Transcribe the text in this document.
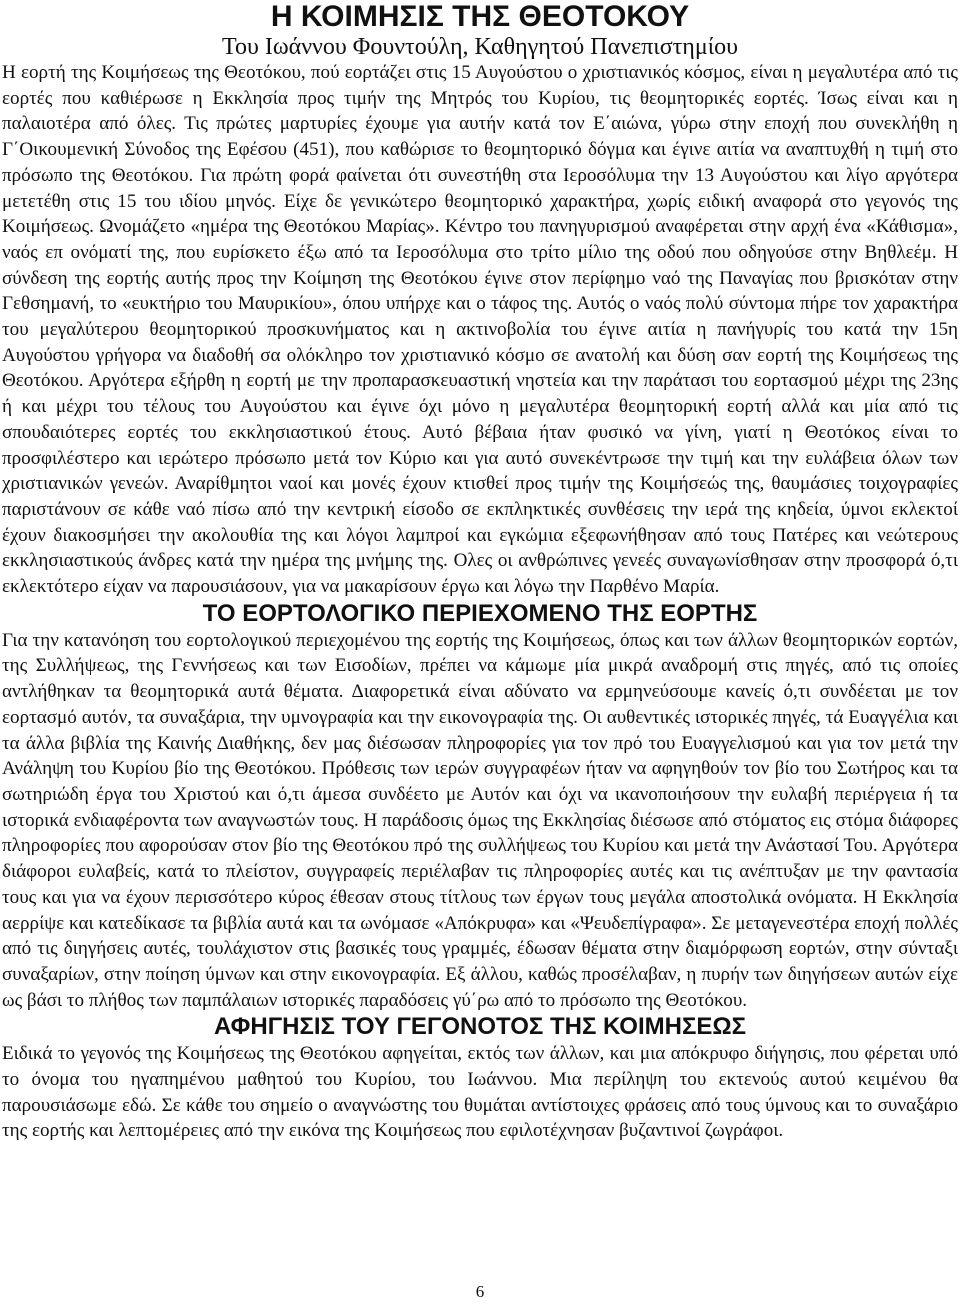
Η ΚΟΙΜΗΣΙΣ ΤΗΣ ΘΕΟΤΟΚΟΥ

Του Ιωάννου Φουντούλη, Καθηγητού Πανεπιστημίου

Η εορτή της Κοιμήσεως της Θεοτόκου, πού εορτάζει στις 15 Αυγούστου ο χριστιανικός κόσμος, είναι η μεγαλυτέρα από τις εορτές που καθιέρωσε η Εκκλησία προς τιμήν της Μητρός του Κυρίου, τις θεομητορικές εορτές. Ίσως είναι και η παλαιοτέρα από όλες. Τις πρώτες μαρτυρίες έχουμε για αυτήν κατά τον Ε΄αιώνα, γύρω στην εποχή που συνεκλήθη η Γ΄Οικουμενική Σύνοδος της Εφέσου (451), που καθώρισε το θεομητορικό δόγμα και έγινε αιτία να αναπτυχθή η τιμή στο πρόσωπο της Θεοτόκου. Για πρώτη φορά φαίνεται ότι συνεστήθη στα Ιεροσόλυμα την 13 Αυγούστου και λίγο αργότερα μετετέθη στις 15 του ιδίου μηνός. Είχε δε γενικώτερο θεομητορικό χαρακτήρα, χωρίς ειδική αναφορά στο γεγονός της Κοιμήσεως. Ωνομάζετο «ημέρα της Θεοτόκου Μαρίας». Κέντρο του πανηγυρισμού αναφέρεται στην αρχή ένα «Κάθισμα», ναός επ ονόματί της, που ευρίσκετο έξω από τα Ιεροσόλυμα στο τρίτο μίλιο της οδού που οδηγούσε στην Βηθλεέμ. Η σύνδεση της εορτής αυτής προς την Κοίμηση της Θεοτόκου έγινε στον περίφημο ναό της Παναγίας που βρισκόταν στην Γεθσημανή, το «ευκτήριο του Μαυρικίου», όπου υπήρχε και ο τάφος της. Αυτός ο ναός πολύ σύντομα πήρε τον χαρακτήρα του μεγαλύτερου θεομητορικού προσκυνήματος και η ακτινοβολία του έγινε αιτία η πανήγυρίς του κατά την 15η Αυγούστου γρήγορα να διαδοθή σα ολόκληρο τον χριστιανικό κόσμο σε ανατολή και δύση σαν εορτή της Κοιμήσεως της Θεοτόκου. Αργότερα εξήρθη η εορτή με την προπαρασκευαστική νηστεία και την παράτασι του εορτασμού μέχρι της 23ης ή και μέχρι του τέλους του Αυγούστου και έγινε όχι μόνο η μεγαλυτέρα θεομητορική εορτή αλλά και μία από τις σπουδαιότερες εορτές του εκκλησιαστικού έτους. Αυτό βέβαια ήταν φυσικό να γίνη, γιατί η Θεοτόκος είναι το προσφιλέστερο και ιερώτερο πρόσωπο μετά τον Κύριο και για αυτό συνεκέντρωσε την τιμή και την ευλάβεια όλων των χριστιανικών γενεών. Αναρίθμητοι ναοί και μονές έχουν κτισθεί προς τιμήν της Κοιμήσεώς της, θαυμάσιες τοιχογραφίες παριστάνουν σε κάθε ναό πίσω από την κεντρική είσοδο σε εκπληκτικές συνθέσεις την ιερά της κηδεία, ύμνοι εκλεκτοί έχουν διακοσμήσει την ακολουθία της και λόγοι λαμπροί και εγκώμια εξεφωνήθησαν από τους Πατέρες και νεώτερους εκκλησιαστικούς άνδρες κατά την ημέρα της μνήμης της. Ολες οι ανθρώπινες γενεές συναγωνίσθησαν στην προσφορά ό,τι εκλεκτότερο είχαν να παρουσιάσουν, για να μακαρίσουν έργω και λόγω την Παρθένο Μαρία.

ΤΟ ΕΟΡΤΟΛΟΓΙΚΟ ΠΕΡΙΕΧΟΜΕΝΟ ΤΗΣ ΕΟΡΤΗΣ

Για την κατανόηση του εορτολογικού περιεχομένου της εορτής της Κοιμήσεως, όπως και των άλλων θεομητορικών εορτών, της Συλλήψεως, της Γεννήσεως και των Εισοδίων, πρέπει να κάμωμε μία μικρά αναδρομή στις πηγές, από τις οποίες αντλήθηκαν τα θεομητορικά αυτά θέματα. Διαφορετικά είναι αδύνατο να ερμηνεύσουμε κανείς ό,τι συνδέεται με τον εορτασμό αυτόν, τα συναξάρια, την υμνογραφία και την εικονογραφία της. Οι αυθεντικές ιστορικές πηγές, τά Ευαγγέλια και τα άλλα βιβλία της Καινής Διαθήκης, δεν μας διέσωσαν πληροφορίες για τον πρό του Ευαγγελισμού και για τον μετά την Ανάληψη του Κυρίου βίο της Θεοτόκου. Πρόθεσις των ιερών συγγραφέων ήταν να αφηγηθούν τον βίο του Σωτήρος και τα σωτηριώδη έργα του Χριστού και ό,τι άμεσα συνδέετο με Αυτόν και όχι να ικανοποιήσουν την ευλαβή περιέργεια ή τα ιστορικά ενδιαφέροντα των αναγνωστών τους. Η παράδοσις όμως της Εκκλησίας διέσωσε από στόματος εις στόμα διάφορες πληροφορίες που αφορούσαν στον βίο της Θεοτόκου πρό της συλλήψεως του Κυρίου και μετά την Ανάστασί Του. Αργότερα διάφοροι ευλαβείς, κατά το πλείστον, συγγραφείς περιέλαβαν τις πληροφορίες αυτές και τις ανέπτυξαν με την φαντασία τους και για να έχουν περισσότερο κύρος έθεσαν στους τίτλους των έργων τους μεγάλα αποστολικά ονόματα. Η Εκκλησία αερρίψε και κατεδίκασε τα βιβλία αυτά και τα ωνόμασε «Απόκρυφα» και «Ψευδεπίγραφα». Σε μεταγενεστέρα εποχή πολλές από τις διηγήσεις αυτές, τουλάχιστον στις βασικές τους γραμμές, έδωσαν θέματα στην διαμόρφωση εορτών, στην σύνταξι συναξαρίων, στην ποίηση ύμνων και στην εικονογραφία. Εξ άλλου, καθώς προσέλαβαν, η πυρήν των διηγήσεων αυτών είχε ως βάσι το πλήθος των παμπάλαιων ιστορικές παραδόσεις γύ΄ρω από το πρόσωπο της Θεοτόκου.

ΑΦΗΓΗΣΙΣ ΤΟΥ ΓΕΓΟΝΟΤΟΣ ΤΗΣ ΚΟΙΜΗΣΕΩΣ

Ειδικά το γεγονός της Κοιμήσεως της Θεοτόκου αφηγείται, εκτός των άλλων, και μια απόκρυφο διήγησις, που φέρεται υπό το όνομα του ηγαπημένου μαθητού του Κυρίου, του Ιωάννου. Μια περίληψη του εκτενούς αυτού κειμένου θα παρουσιάσωμε εδώ. Σε κάθε του σημείο ο αναγνώστης του θυμάται αντίστοιχες φράσεις από τους ύμνους και το συναξάριο της εορτής και λεπτομέρειες από την εικόνα της Κοιμήσεως που εφιλοτέχνησαν βυζαντινοί ζωγράφοι.

6
